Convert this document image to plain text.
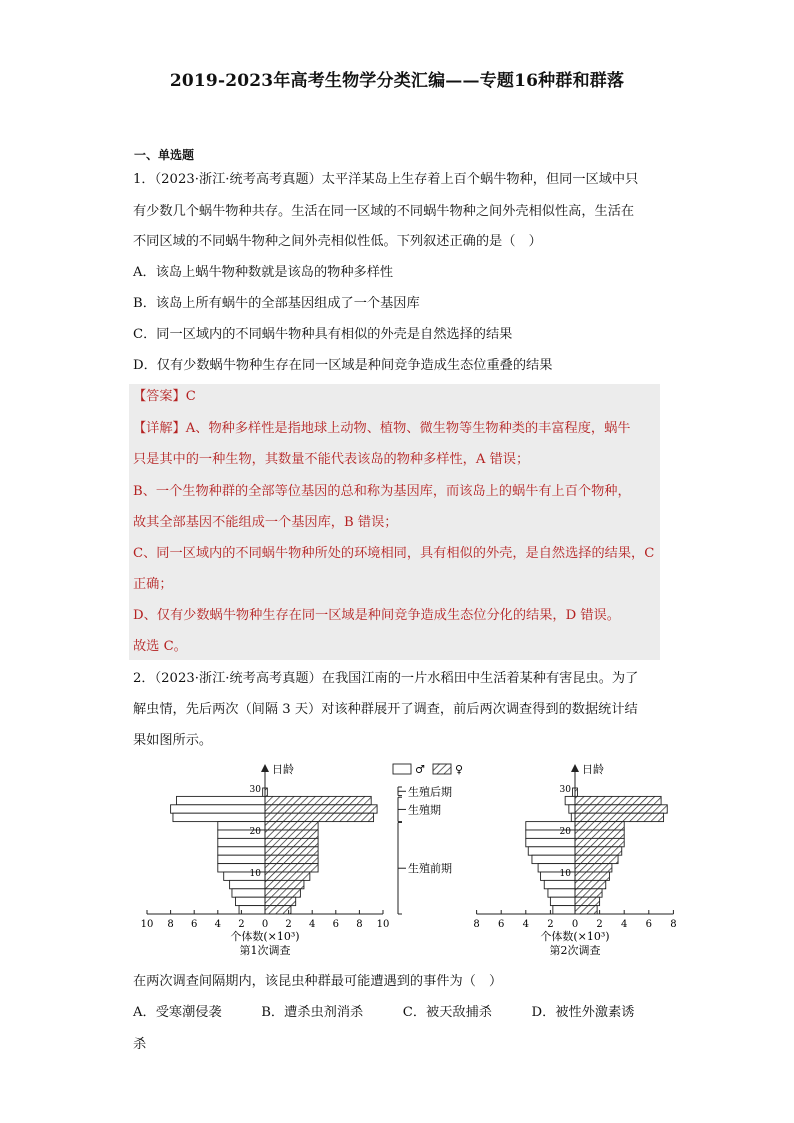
2019-2023年高考生物学分类汇编——专题16种群和群落
一、单选题
1．（2023·浙江·统考高考真题）太平洋某岛上生存着上百个蜗牛物种，但同一区域中只
有少数几个蜗牛物种共存。生活在同一区域的不同蜗牛物种之间外壳相似性高，生活在
不同区域的不同蜗牛物种之间外壳相似性低。下列叙述正确的是（　）
A．该岛上蜗牛物种数就是该岛的物种多样性
B．该岛上所有蜗牛的全部基因组成了一个基因库
C．同一区域内的不同蜗牛物种具有相似的外壳是自然选择的结果
D．仅有少数蜗牛物种生存在同一区域是种间竞争造成生态位重叠的结果
【答案】C
【详解】A、物种多样性是指地球上动物、植物、微生物等生物种类的丰富程度，蜗牛
只是其中的一种生物，其数量不能代表该岛的物种多样性，A 错误；
B、一个生物种群的全部等位基因的总和称为基因库，而该岛上的蜗牛有上百个物种，
故其全部基因不能组成一个基因库，B 错误；
C、同一区域内的不同蜗牛物种所处的环境相同，具有相似的外壳，是自然选择的结果，C
正确；
D、仅有少数蜗牛物种生存在同一区域是种间竞争造成生态位分化的结果，D 错误。
故选 C。
2．（2023·浙江·统考高考真题）在我国江南的一片水稻田中生活着某种有害昆虫。为了
解虫情，先后两次（间隔 3 天）对该种群展开了调查，前后两次调查得到的数据统计结
果如图所示。
日龄
10 8 6 4 2 0 2 4 6 8 10
10
20
30
个体数(×10³)
第1次调查
日龄
8 6 4 2 0 2 4 6 8
10
20
30
个体数(×10³)
第2次调查
♂	♀
生殖后期
生殖期
生殖前期
在两次调查间隔期内，该昆虫种群最可能遭遇到的事件为（　）
A．受寒潮侵袭　　　B．遭杀虫剂消杀　　　C．被天敌捕杀　　　D．被性外激素诱
杀
